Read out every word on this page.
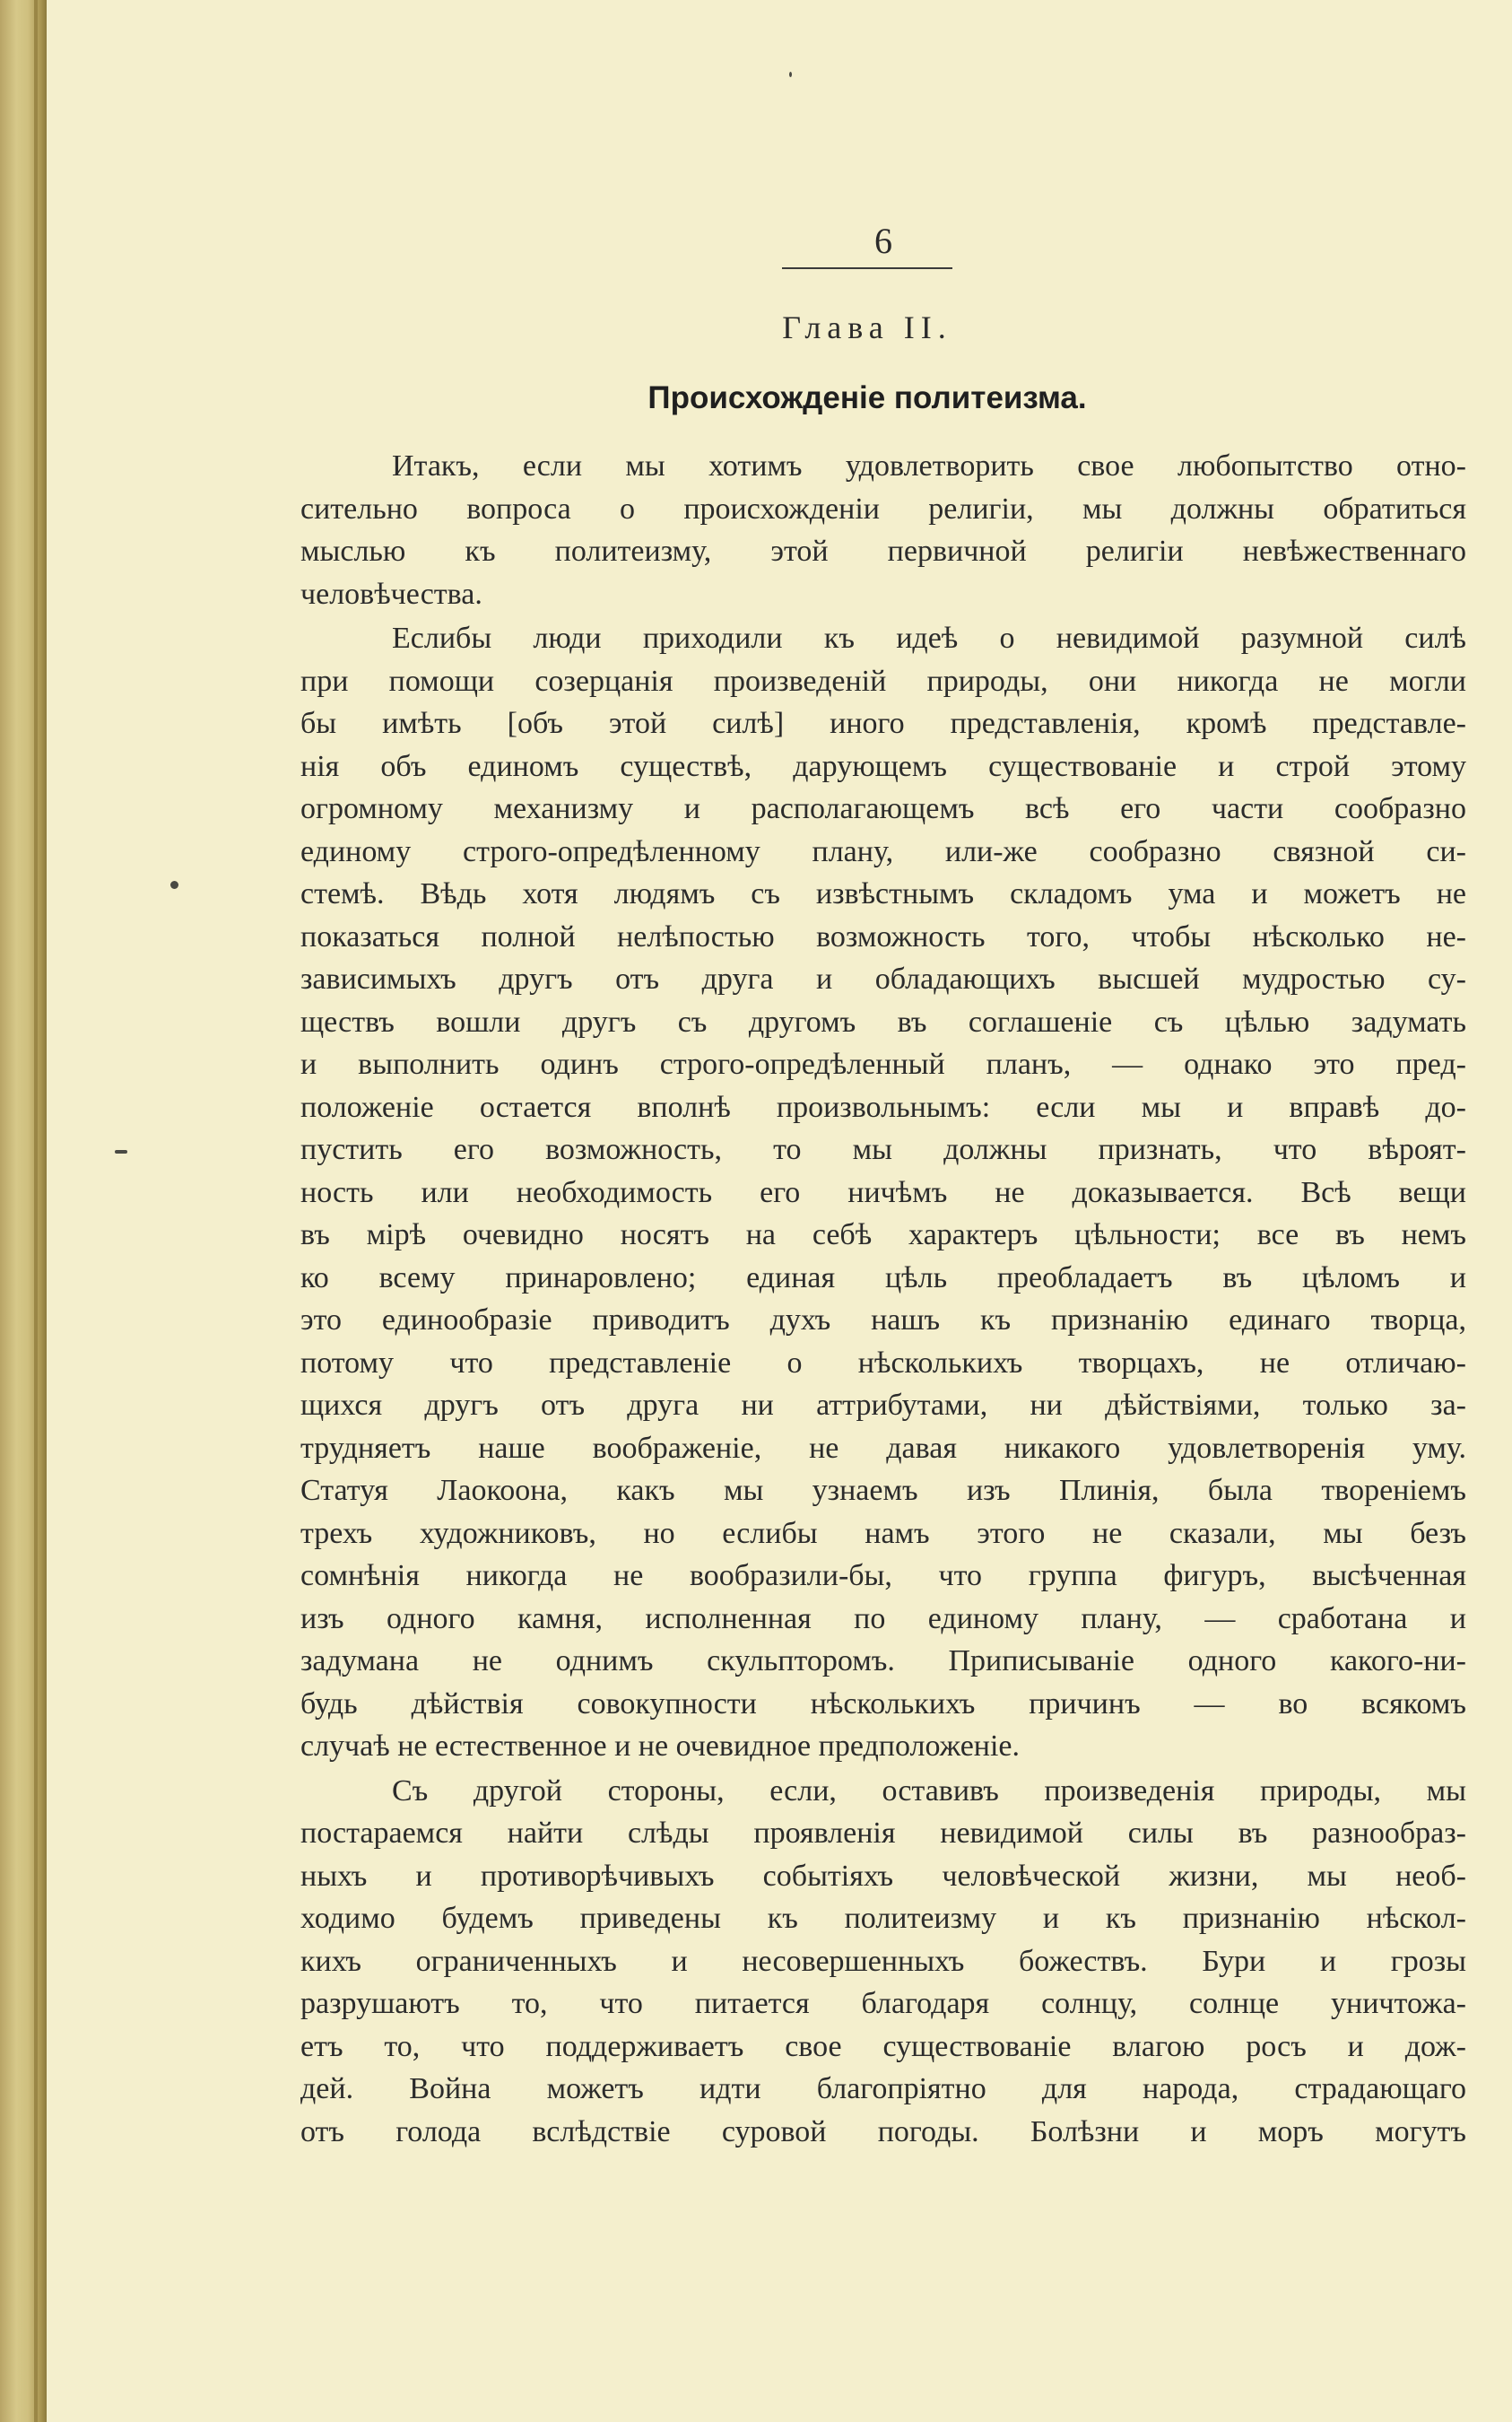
6
Глава II.
Происхожденіе политеизма.
Итакъ, если мы хотимъ удовлетворить свое любопытство отно-
сительно вопроса о происхожденіи религіи, мы должны обратиться
мыслью къ политеизму, этой первичной религіи невѣжественнаго
человѣчества.
Еслибы люди приходили къ идеѣ о невидимой разумной силѣ
при помощи созерцанія произведеній природы, они никогда не могли
бы имѣть [объ этой силѣ] иного представленія, кромѣ представле-
нія объ единомъ существѣ, дарующемъ существованіе и строй этому
огромному механизму и располагающемъ всѣ его части сообразно
единому строго-опредѣленному плану, или-же сообразно связной си-
стемѣ. Вѣдь хотя людямъ съ извѣстнымъ складомъ ума и можетъ не
показаться полной нелѣпостью возможность того, чтобы нѣсколько не-
зависимыхъ другъ отъ друга и обладающихъ высшей мудростью су-
ществъ вошли другъ съ другомъ въ соглашеніе съ цѣлью задумать
и выполнить одинъ строго-опредѣленный планъ, — однако это пред-
положеніе остается вполнѣ произвольнымъ: если мы и вправѣ до-
пустить его возможность, то мы должны признать, что вѣроят-
ность или необходимость его ничѣмъ не доказывается. Всѣ вещи
въ мірѣ очевидно носятъ на себѣ характеръ цѣльности; все въ немъ
ко всему принаровлено; единая цѣль преобладаетъ въ цѣломъ и
это единообразіе приводитъ духъ нашъ къ признанію единаго творца,
потому что представленіе о нѣсколькихъ творцахъ, не отличаю-
щихся другъ отъ друга ни аттрибутами, ни дѣйствіями, только за-
трудняетъ наше воображеніе, не давая никакого удовлетворенія уму.
Статуя Лаокоона, какъ мы узнаемъ изъ Плинія, была твореніемъ
трехъ художниковъ, но еслибы намъ этого не сказали, мы безъ
сомнѣнія никогда не вообразили-бы, что группа фигуръ, высѣченная
изъ одного камня, исполненная по единому плану, — сработана и
задумана не однимъ скульпторомъ. Приписываніе одного какого-ни-
будь дѣйствія совокупности нѣсколькихъ причинъ — во всякомъ
случаѣ не естественное и не очевидное предположеніе.
Съ другой стороны, если, оставивъ произведенія природы, мы
постараемся найти слѣды проявленія невидимой силы въ разнообраз-
ныхъ и противорѣчивыхъ событіяхъ человѣческой жизни, мы необ-
ходимо будемъ приведены къ политеизму и къ признанію нѣскол-
кихъ ограниченныхъ и несовершенныхъ божествъ. Бури и грозы
разрушаютъ то, что питается благодаря солнцу, солнце уничтожа-
етъ то, что поддерживаетъ свое существованіе влагою росъ и дож-
дей. Война можетъ идти благопріятно для народа, страдающаго
отъ голода вслѣдствіе суровой погоды. Болѣзни и моръ могутъ
